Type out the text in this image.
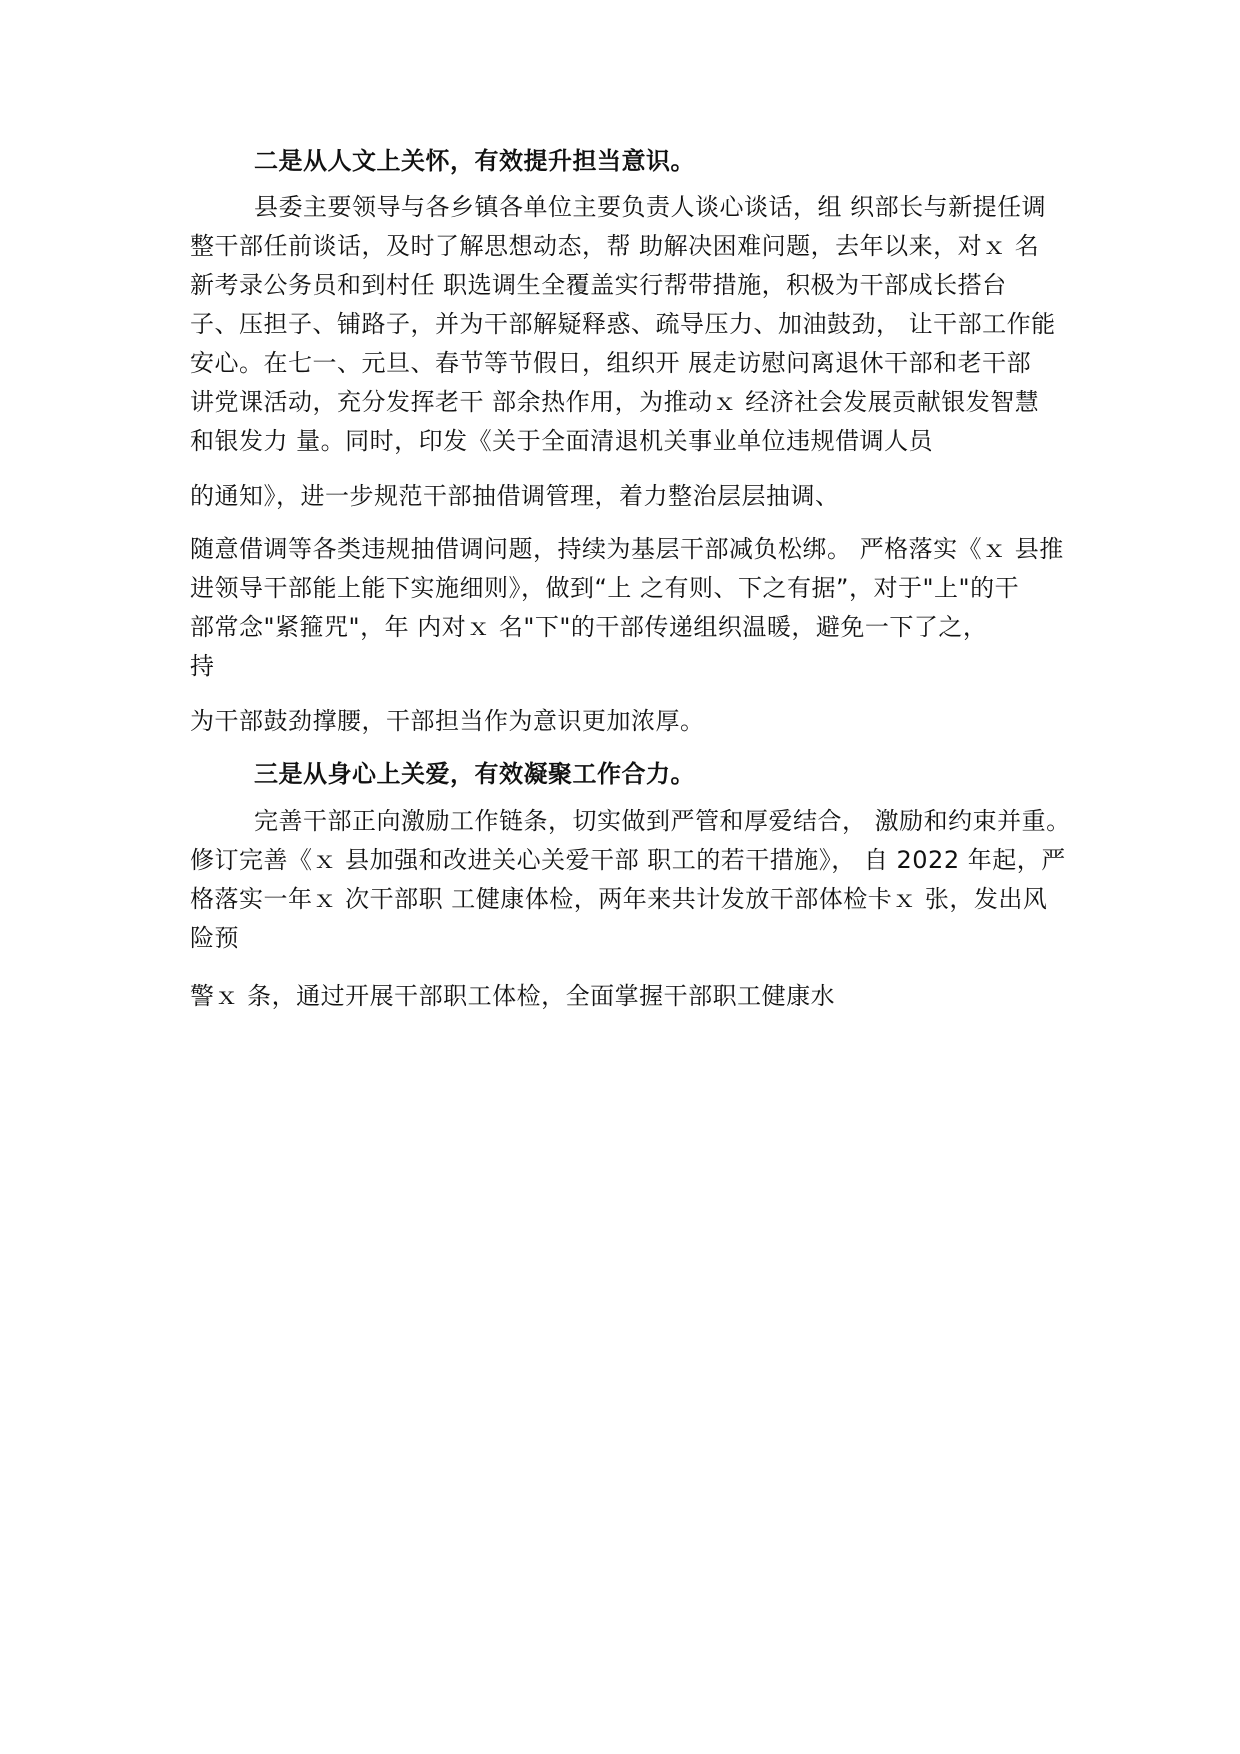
二是从人文上关怀，有效提升担当意识。
县委主要领导与各乡镇各单位主要负责人谈心谈话，组 织部长与新提任调
整干部任前谈话，及时了解思想动态，帮 助解决困难问题，去年以来，对ｘ 名
新考录公务员和到村任 职选调生全覆盖实行帮带措施，积极为干部成长搭台
子、压担子、铺路子，并为干部解疑释惑、疏导压力、加油鼓劲， 让干部工作能
安心。在七一、元旦、春节等节假日，组织开 展走访慰问离退休干部和老干部
讲党课活动，充分发挥老干 部余热作用，为推动ｘ 经济社会发展贡献银发智慧
和银发力 量。同时，印发《关于全面清退机关事业单位违规借调人员
的通知》，进一步规范干部抽借调管理，着力整治层层抽调、
随意借调等各类违规抽借调问题，持续为基层干部减负松绑。 严格落实《ｘ 县推
进领导干部能上能下实施细则》，做到“上 之有则、下之有据”，对于"上"的干
部常念"紧箍咒"，年 内对ｘ 名"下"的干部传递组织温暖，避免一下了之，
持
为干部鼓劲撑腰，干部担当作为意识更加浓厚。
三是从身心上关爱，有效凝聚工作合力。
完善干部正向激励工作链条，切实做到严管和厚爱结合， 激励和约束并重。
修订完善《ｘ 县加强和改进关心关爱干部 职工的若干措施》， 自 2022 年起，严
格落实一年ｘ 次干部职 工健康体检，两年来共计发放干部体检卡ｘ 张，发出风
险预
警ｘ 条，通过开展干部职工体检，全面掌握干部职工健康水
